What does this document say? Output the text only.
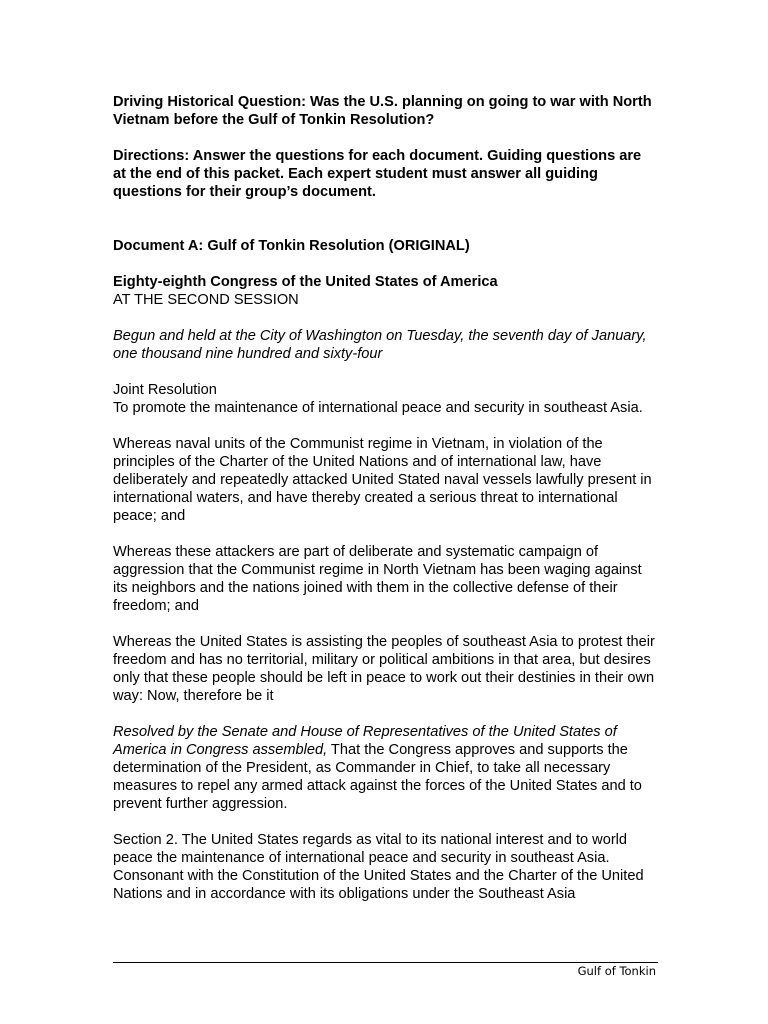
Driving Historical Question: Was the U.S. planning on going to war with North Vietnam before the Gulf of Tonkin Resolution?

Directions: Answer the questions for each document. Guiding questions are at the end of this packet. Each expert student must answer all guiding questions for their group’s document.

Document A: Gulf of Tonkin Resolution (ORIGINAL)

Eighty-eighth Congress of the United States of America

AT THE SECOND SESSION

Begun and held at the City of Washington on Tuesday, the seventh day of January, one thousand nine hundred and sixty-four

Joint Resolution

To promote the maintenance of international peace and security in southeast Asia.

Whereas naval units of the Communist regime in Vietnam, in violation of the principles of the Charter of the United Nations and of international law, have deliberately and repeatedly attacked United Stated naval vessels lawfully present in international waters, and have thereby created a serious threat to international peace; and

Whereas these attackers are part of deliberate and systematic campaign of aggression that the Communist regime in North Vietnam has been waging against its neighbors and the nations joined with them in the collective defense of their freedom; and

Whereas the United States is assisting the peoples of southeast Asia to protest their freedom and has no territorial, military or political ambitions in that area, but desires only that these people should be left in peace to work out their destinies in their own way: Now, therefore be it

Resolved by the Senate and House of Representatives of the United States of America in Congress assembled, That the Congress approves and supports the determination of the President, as Commander in Chief, to take all necessary measures to repel any armed attack against the forces of the United States and to prevent further aggression.

Section 2. The United States regards as vital to its national interest and to world peace the maintenance of international peace and security in southeast Asia. Consonant with the Constitution of the United States and the Charter of the United Nations and in accordance with its obligations under the Southeast Asia

Gulf of Tonkin
